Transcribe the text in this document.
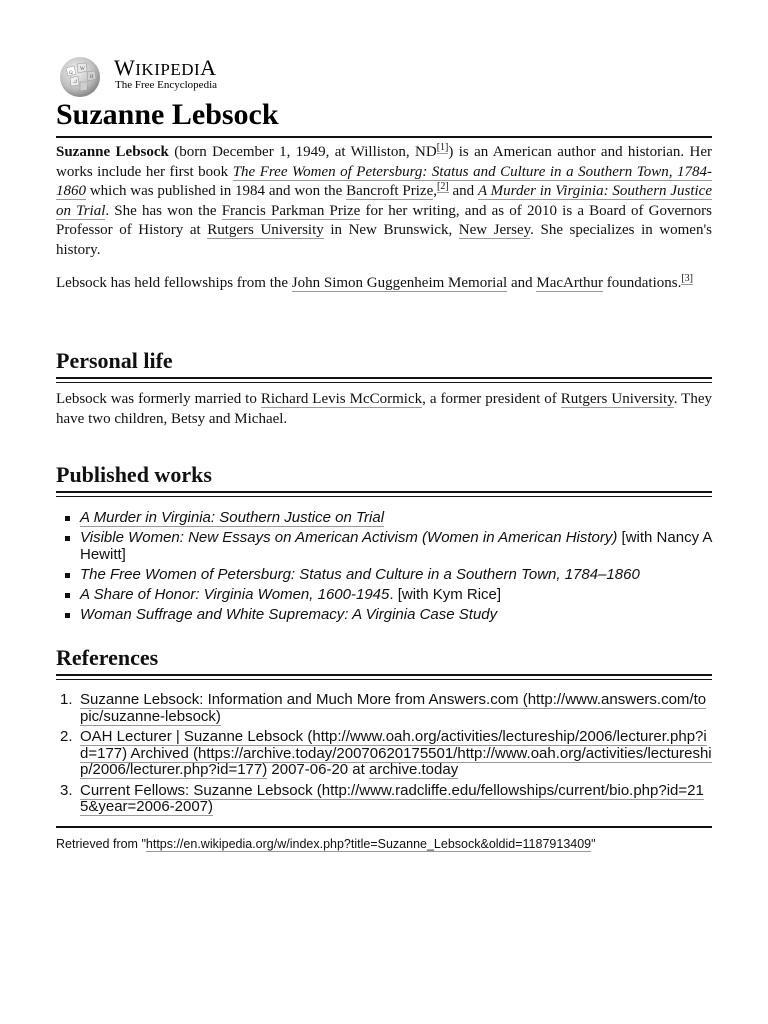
Ω
W
И
ك
WIKIPEDIA
The Free Encyclopedia
Suzanne Lebsock

Suzanne Lebsock (born December 1, 1949, at Williston, ND[1]) is an American author and historian. Her works include her first book The Free Women of Petersburg: Status and Culture in a Southern Town, 1784-1860 which was published in 1984 and won the Bancroft Prize,[2] and A Murder in Virginia: Southern Justice on Trial. She has won the Francis Parkman Prize for her writing, and as of 2010 is a Board of Governors Professor of History at Rutgers University in New Brunswick, New Jersey. She specializes in women's history.

Lebsock has held fellowships from the John Simon Guggenheim Memorial and MacArthur foundations.[3]

Personal life

Lebsock was formerly married to Richard Levis McCormick, a former president of Rutgers University. They have two children, Betsy and Michael.

Published works
A Murder in Virginia: Southern Justice on Trial
Visible Women: New Essays on American Activism (Women in American History) [with Nancy A Hewitt]
The Free Women of Petersburg: Status and Culture in a Southern Town, 1784–1860
A Share of Honor: Virginia Women, 1600-1945. [with Kym Rice]
Woman Suffrage and White Supremacy: A Virginia Case Study
References
1. Suzanne Lebsock: Information and Much More from Answers.com (http://www.answers.com/topic/suzanne-lebsock)
2. OAH Lecturer | Suzanne Lebsock (http://www.oah.org/activities/lectureship/2006/lecturer.php?id=177) Archived (https://archive.today/20070620175501/http://www.oah.org/activities/lectureship/2006/lecturer.php?id=177) 2007-06-20 at archive.today
3. Current Fellows: Suzanne Lebsock (http://www.radcliffe.edu/fellowships/current/bio.php?id=215&year=2006-2007)
Retrieved from "https://en.wikipedia.org/w/index.php?title=Suzanne_Lebsock&oldid=1187913409"
